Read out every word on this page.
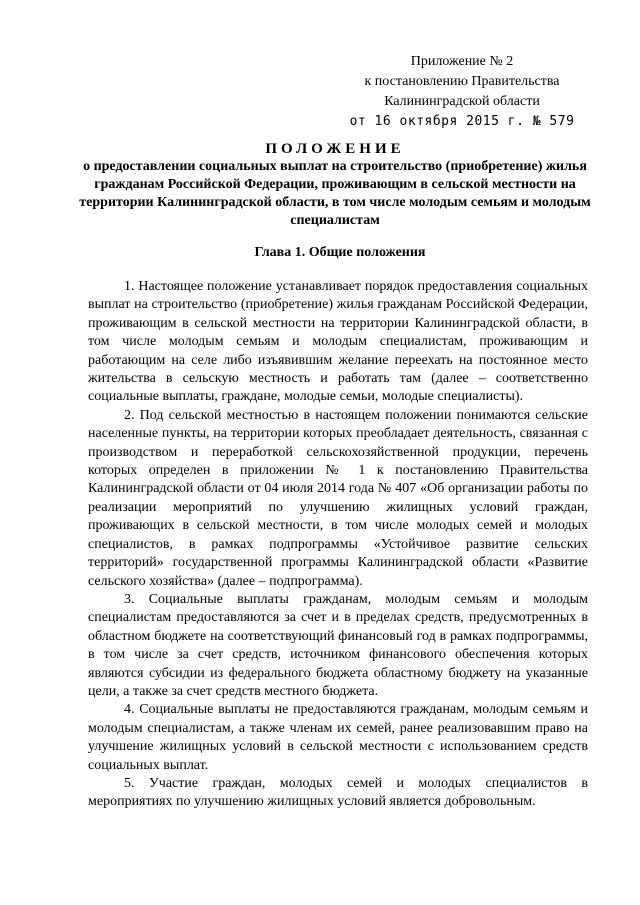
Приложение № 2
к постановлению Правительства
Калининградской области
от 16 октября 2015 г. № 579

ПОЛОЖЕНИЕ

о предоставлении социальных выплат на строительство (приобретение) жилья гражданам Российской Федерации, проживающим в сельской местности на территории Калининградской области, в том числе молодым семьям и молодым специалистам

Глава 1. Общие положения

1. Настоящее положение устанавливает порядок предоставления социальных выплат на строительство (приобретение) жилья гражданам Российской Федерации, проживающим в сельской местности на территории Калининградской области, в том числе молодым семьям и молодым специалистам, проживающим и работающим на селе либо изъявившим желание переехать на постоянное место жительства в сельскую местность и работать там (далее – соответственно социальные выплаты, граждане, молодые семьи, молодые специалисты).

2. Под сельской местностью в настоящем положении понимаются сельские населенные пункты, на территории которых преобладает деятельность, связанная с производством и переработкой сельскохозяйственной продукции, перечень которых определен в приложении № 1 к постановлению Правительства Калининградской области от 04 июля 2014 года № 407 «Об организации работы по реализации мероприятий по улучшению жилищных условий граждан, проживающих в сельской местности, в том числе молодых семей и молодых специалистов, в рамках подпрограммы «Устойчивое развитие сельских территорий» государственной программы Калининградской области «Развитие сельского хозяйства» (далее – подпрограмма).

3. Социальные выплаты гражданам, молодым семьям и молодым специалистам предоставляются за счет и в пределах средств, предусмотренных в областном бюджете на соответствующий финансовый год в рамках подпрограммы, в том числе за счет средств, источником финансового обеспечения которых являются субсидии из федерального бюджета областному бюджету на указанные цели, а также за счет средств местного бюджета.

4. Социальные выплаты не предоставляются гражданам, молодым семьям и молодым специалистам, а также членам их семей, ранее реализовавшим право на улучшение жилищных условий в сельской местности с использованием средств социальных выплат.

5. Участие граждан, молодых семей и молодых специалистов в мероприятиях по улучшению жилищных условий является добровольным.
